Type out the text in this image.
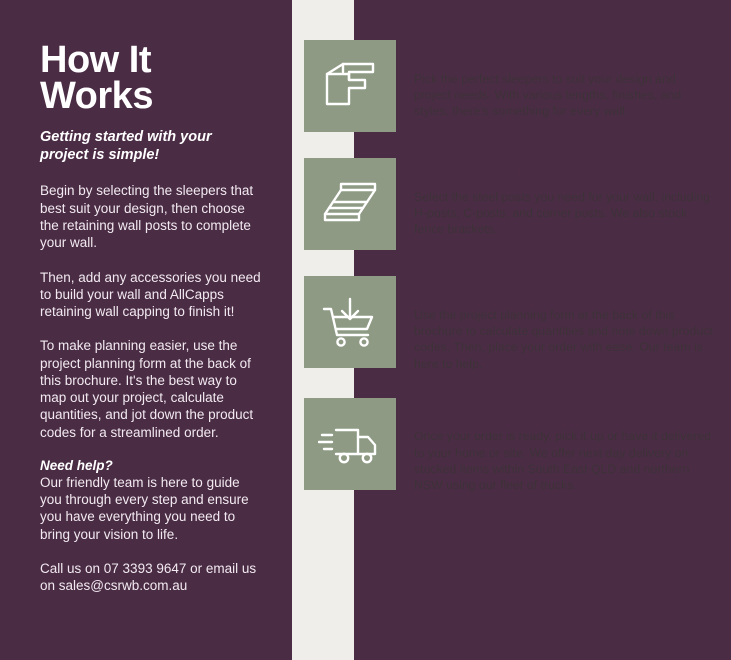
How It Works

Getting started with your project is simple!

Begin by selecting the sleepers that best suit your design, then choose the retaining wall posts to complete your wall.

Then, add any accessories you need to build your wall and AllCapps retaining wall capping to finish it!

To make planning easier, use the project planning form at the back of this brochure. It's the best way to map out your project, calculate quantities, and jot down the product codes for a streamlined order.

Need help?

Our friendly team is here to guide you through every step and ensure you have everything you need to bring your vision to life.

Call us on 07 3393 9647 or email us on sales@csrwb.com.au

CHOOSE SLEEPERS

Pick the perfect sleepers to suit your design and project needs. With various lengths, finishes, and styles, there's something for every wall.

ADD POSTS

Select the steel posts you need for your wall, including H-posts, C-posts, and corner posts. We also stock fence brackets.

ORDER YOUR SYSTEM

Use the project planning form at the back of this brochure to calculate quantities and note down product codes. Then, place your order with ease. Our team is here to help.

DELIVERY OR PICK UP

Once your order is ready, pick it up or have it delivered to your home or site. We offer next day delivery on stocked items within South East QLD and northern NSW using our fleet of trucks.
